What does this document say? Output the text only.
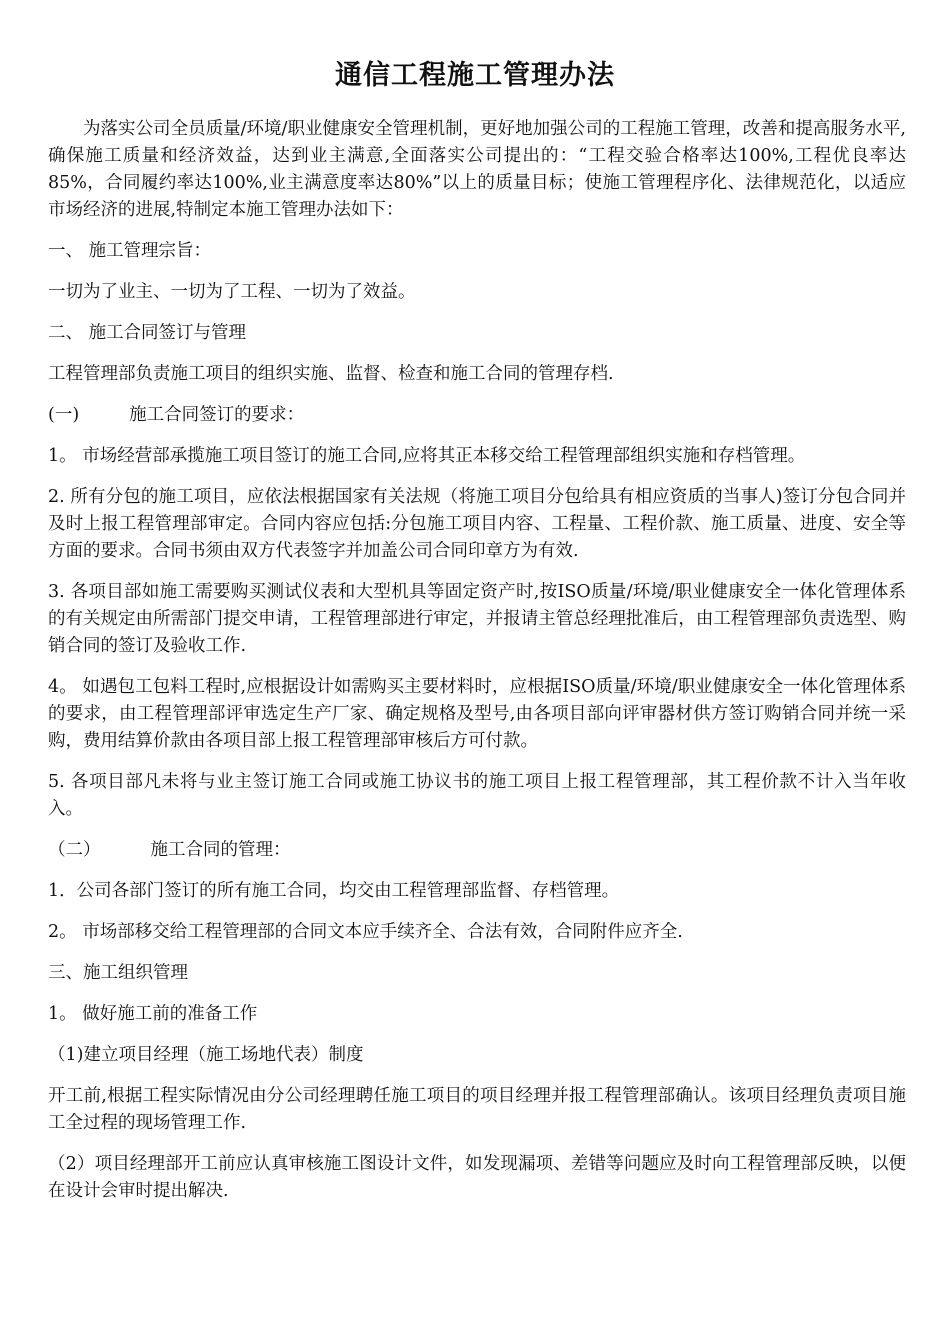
通信工程施工管理办法

为落实公司全员质量/环境/职业健康安全管理机制，更好地加强公司的工程施工管理，改善和提高服务水平,确保施工质量和经济效益，达到业主满意,全面落实公司提出的：“工程交验合格率达100%,工程优良率达85%，合同履约率达100%,业主满意度率达80%”以上的质量目标；使施工管理程序化、法律规范化，以适应市场经济的进展,特制定本施工管理办法如下：

一、 施工管理宗旨：

一切为了业主、一切为了工程、一切为了效益。

二、 施工合同签订与管理

工程管理部负责施工项目的组织实施、监督、检查和施工合同的管理存档.

(一)	施工合同签订的要求：

1。 市场经营部承揽施工项目签订的施工合同,应将其正本移交给工程管理部组织实施和存档管理。

2. 所有分包的施工项目，应依法根据国家有关法规（将施工项目分包给具有相应资质的当事人)签订分包合同并及时上报工程管理部审定。合同内容应包括:分包施工项目内容、工程量、工程价款、施工质量、进度、安全等方面的要求。合同书须由双方代表签字并加盖公司合同印章方为有效.

3. 各项目部如施工需要购买测试仪表和大型机具等固定资产时,按ISO质量/环境/职业健康安全一体化管理体系的有关规定由所需部门提交申请，工程管理部进行审定，并报请主管总经理批准后，由工程管理部负责选型、购销合同的签订及验收工作.

4。 如遇包工包料工程时,应根据设计如需购买主要材料时，应根据ISO质量/环境/职业健康安全一体化管理体系的要求，由工程管理部评审选定生产厂家、确定规格及型号,由各项目部向评审器材供方签订购销合同并统一采购，费用结算价款由各项目部上报工程管理部审核后方可付款。

5. 各项目部凡未将与业主签订施工合同或施工协议书的施工项目上报工程管理部，其工程价款不计入当年收入。

（二）	施工合同的管理：

1．公司各部门签订的所有施工合同，均交由工程管理部监督、存档管理。

2。 市场部移交给工程管理部的合同文本应手续齐全、合法有效，合同附件应齐全.

三、施工组织管理

1。 做好施工前的准备工作

（1)建立项目经理（施工场地代表）制度

开工前,根据工程实际情况由分公司经理聘任施工项目的项目经理并报工程管理部确认。该项目经理负责项目施工全过程的现场管理工作.

（2）项目经理部开工前应认真审核施工图设计文件，如发现漏项、差错等问题应及时向工程管理部反映，以便在设计会审时提出解决.
